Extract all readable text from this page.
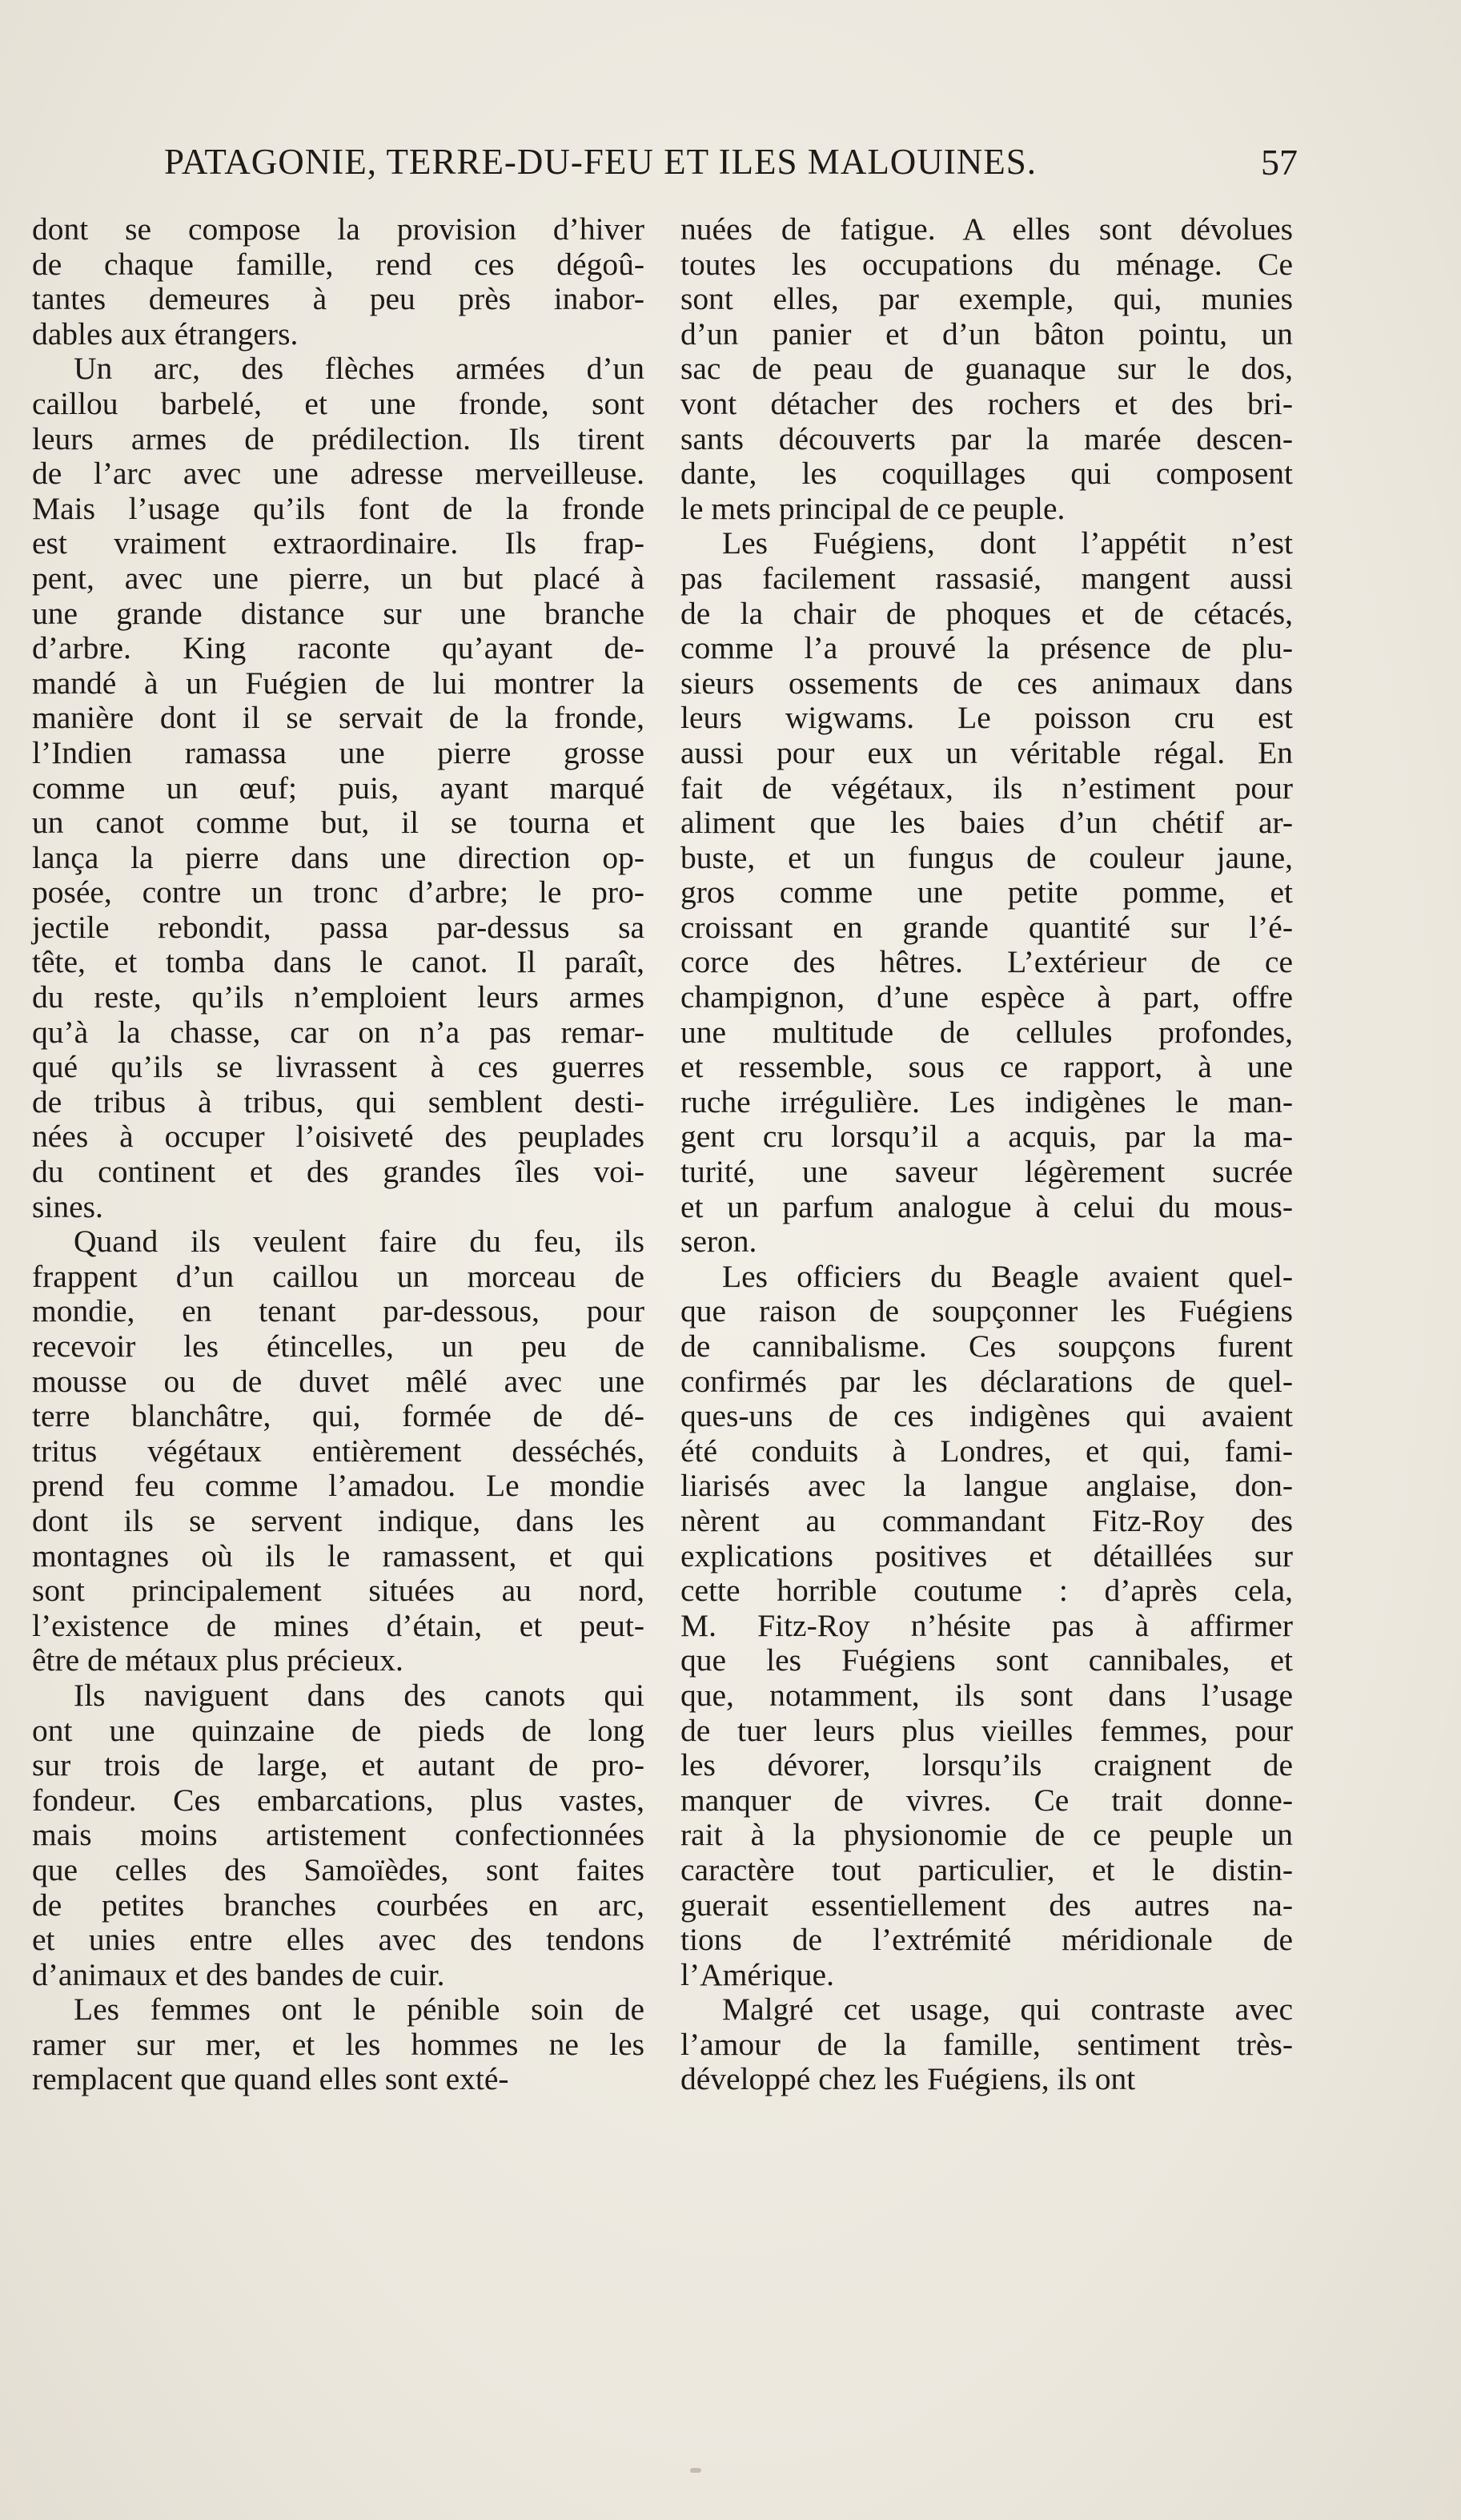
PATAGONIE, TERRE-DU-FEU ET ILES MALOUINES.	57
dont se compose la provision d’hiver
de chaque famille, rend ces dégoû-
tantes demeures à peu près inabor-
dables aux étrangers.
Un arc, des flèches armées d’un
caillou barbelé, et une fronde, sont
leurs armes de prédilection. Ils tirent
de l’arc avec une adresse merveilleuse.
Mais l’usage qu’ils font de la fronde
est vraiment extraordinaire. Ils frap-
pent, avec une pierre, un but placé à
une grande distance sur une branche
d’arbre. King raconte qu’ayant de-
mandé à un Fuégien de lui montrer la
manière dont il se servait de la fronde,
l’Indien ramassa une pierre grosse
comme un œuf; puis, ayant marqué
un canot comme but, il se tourna et
lança la pierre dans une direction op-
posée, contre un tronc d’arbre; le pro-
jectile rebondit, passa par-dessus sa
tête, et tomba dans le canot. Il paraît,
du reste, qu’ils n’emploient leurs armes
qu’à la chasse, car on n’a pas remar-
qué qu’ils se livrassent à ces guerres
de tribus à tribus, qui semblent desti-
nées à occuper l’oisiveté des peuplades
du continent et des grandes îles voi-
sines.
Quand ils veulent faire du feu, ils
frappent d’un caillou un morceau de
mondie, en tenant par-dessous, pour
recevoir les étincelles, un peu de
mousse ou de duvet mêlé avec une
terre blanchâtre, qui, formée de dé-
tritus végétaux entièrement desséchés,
prend feu comme l’amadou. Le mondie
dont ils se servent indique, dans les
montagnes où ils le ramassent, et qui
sont principalement situées au nord,
l’existence de mines d’étain, et peut-
être de métaux plus précieux.
Ils naviguent dans des canots qui
ont une quinzaine de pieds de long
sur trois de large, et autant de pro-
fondeur. Ces embarcations, plus vastes,
mais moins artistement confectionnées
que celles des Samoïèdes, sont faites
de petites branches courbées en arc,
et unies entre elles avec des tendons
d’animaux et des bandes de cuir.
Les femmes ont le pénible soin de
ramer sur mer, et les hommes ne les
remplacent que quand elles sont exté-
nuées de fatigue. A elles sont dévolues
toutes les occupations du ménage. Ce
sont elles, par exemple, qui, munies
d’un panier et d’un bâton pointu, un
sac de peau de guanaque sur le dos,
vont détacher des rochers et des bri-
sants découverts par la marée descen-
dante, les coquillages qui composent
le mets principal de ce peuple.
Les Fuégiens, dont l’appétit n’est
pas facilement rassasié, mangent aussi
de la chair de phoques et de cétacés,
comme l’a prouvé la présence de plu-
sieurs ossements de ces animaux dans
leurs wigwams. Le poisson cru est
aussi pour eux un véritable régal. En
fait de végétaux, ils n’estiment pour
aliment que les baies d’un chétif ar-
buste, et un fungus de couleur jaune,
gros comme une petite pomme, et
croissant en grande quantité sur l’é-
corce des hêtres. L’extérieur de ce
champignon, d’une espèce à part, offre
une multitude de cellules profondes,
et ressemble, sous ce rapport, à une
ruche irrégulière. Les indigènes le man-
gent cru lorsqu’il a acquis, par la ma-
turité, une saveur légèrement sucrée
et un parfum analogue à celui du mous-
seron.
Les officiers du Beagle avaient quel-
que raison de soupçonner les Fuégiens
de cannibalisme. Ces soupçons furent
confirmés par les déclarations de quel-
ques-uns de ces indigènes qui avaient
été conduits à Londres, et qui, fami-
liarisés avec la langue anglaise, don-
nèrent au commandant Fitz-Roy des
explications positives et détaillées sur
cette horrible coutume : d’après cela,
M. Fitz-Roy n’hésite pas à affirmer
que les Fuégiens sont cannibales, et
que, notamment, ils sont dans l’usage
de tuer leurs plus vieilles femmes, pour
les dévorer, lorsqu’ils craignent de
manquer de vivres. Ce trait donne-
rait à la physionomie de ce peuple un
caractère tout particulier, et le distin-
guerait essentiellement des autres na-
tions de l’extrémité méridionale de
l’Amérique.
Malgré cet usage, qui contraste avec
l’amour de la famille, sentiment très-
développé chez les Fuégiens, ils ont
